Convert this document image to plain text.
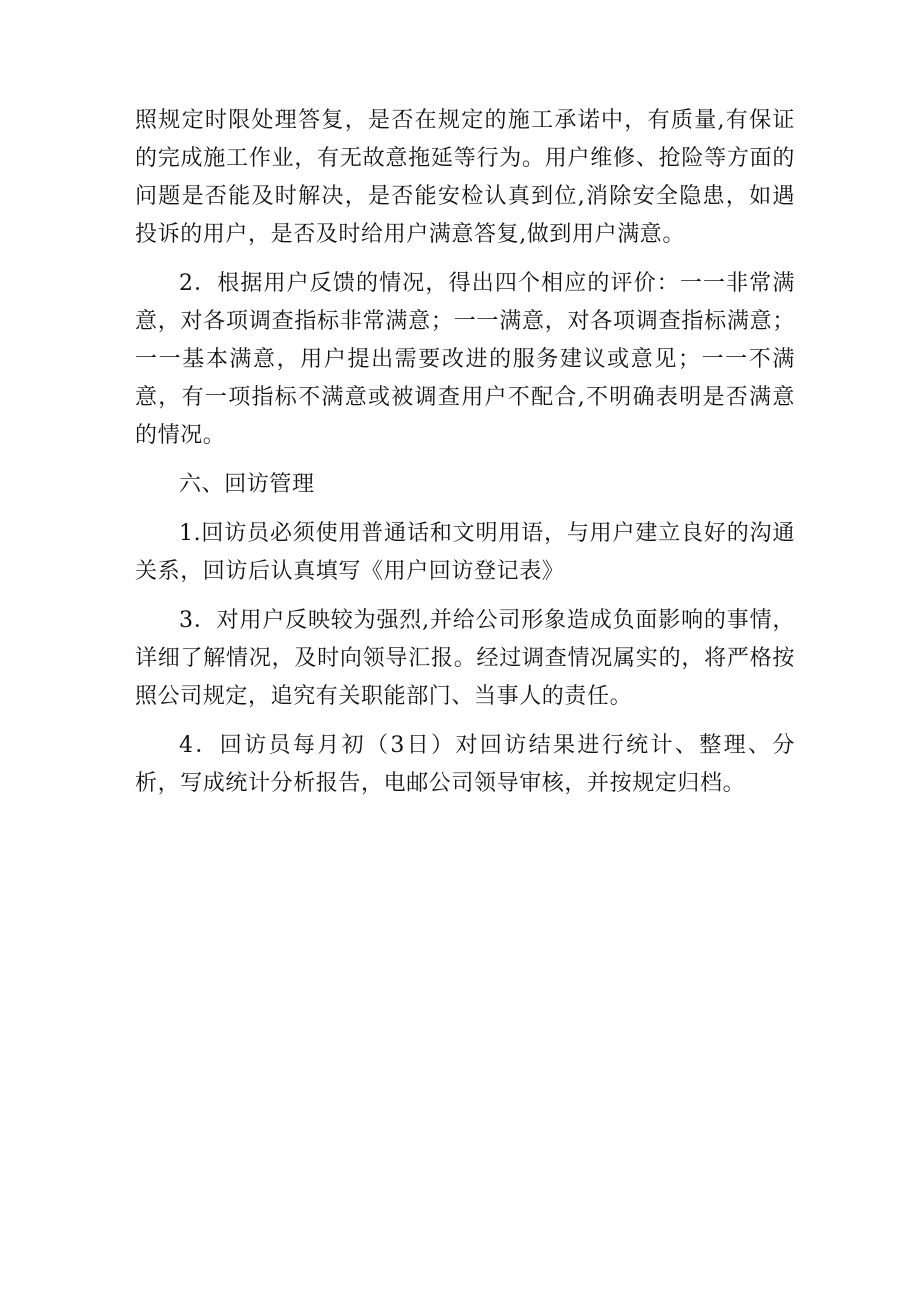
照规定时限处理答复，是否在规定的施工承诺中，有质量,有保证的完成施工作业，有无故意拖延等行为。用户维修、抢险等方面的问题是否能及时解决，是否能安检认真到位,消除安全隐患，如遇投诉的用户，是否及时给用户满意答复,做到用户满意。

2．根据用户反馈的情况，得出四个相应的评价：一一非常满意，对各项调查指标非常满意；一一满意，对各项调查指标满意；一一基本满意，用户提出需要改进的服务建议或意见；一一不满意，有一项指标不满意或被调查用户不配合,不明确表明是否满意的情况。

六、回访管理

1.回访员必须使用普通话和文明用语，与用户建立良好的沟通关系，回访后认真填写《用户回访登记表》

3．对用户反映较为强烈,并给公司形象造成负面影响的事情，详细了解情况，及时向领导汇报。经过调查情况属实的，将严格按照公司规定，追究有关职能部门、当事人的责任。

4．回访员每月初（3日）对回访结果进行统计、整理、分析，写成统计分析报告，电邮公司领导审核，并按规定归档。
